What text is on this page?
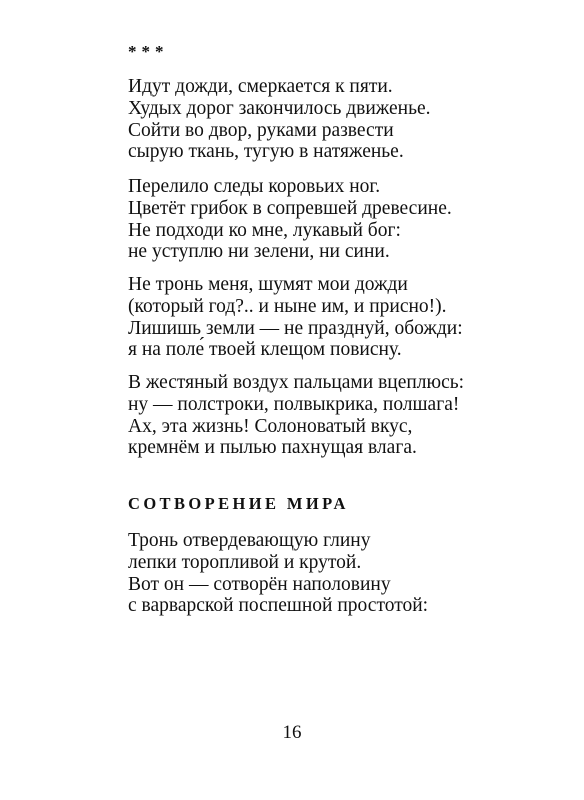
***
Идут дожди, смеркается к пяти.
Худых дорог закончилось движенье.
Сойти во двор, руками развести
сырую ткань, тугую в натяженье.
Перелило следы коровьих ног.
Цветёт грибок в сопревшей древесине.
Не подходи ко мне, лукавый бог:
не уступлю ни зелени, ни сини.
Не тронь меня, шумят мои дожди
(который год?.. и ныне им, и присно!).
Лишишь земли — не празднуй, обожди:
я на поле́ твоей клещом повисну.
В жестяный воздух пальцами вцеплюсь:
ну — полстроки, полвыкрика, полшага!
Ах, эта жизнь! Солоноватый вкус,
кремнём и пылью пахнущая влага.
СОТВОРЕНИЕ МИРА
Тронь отвердевающую глину
лепки торопливой и крутой.
Вот он — сотворён наполовину
с варварской поспешной простотой:
16
